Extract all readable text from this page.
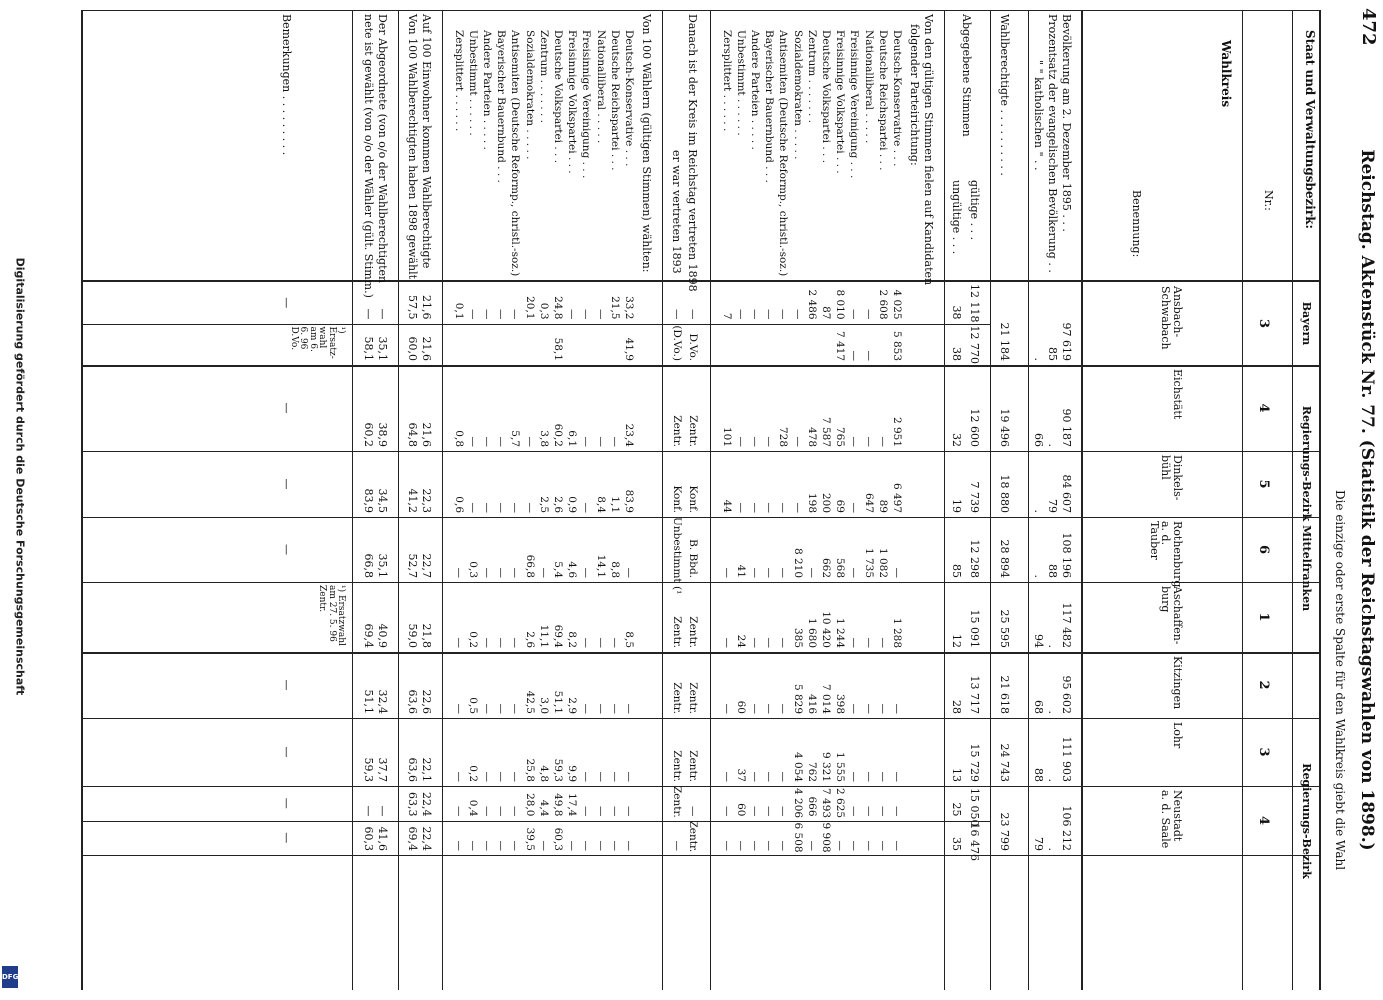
Digitalisierung gefördert durch die Deutsche Forschungsgemeinschaft
DFG
472
Reichstag. Aktenstück Nr. 77. (Statistik der Reichstagswahlen von 1898.)
Die einzige oder erste Spalte für den Wahlkreis giebt die Wahl
Staat und Verwaltungsbezirk:
Wahlkreis
Nr.:
Benennung:
Bayern
Regierungs-Bezirk Mittelfranken
Regierungs-Bezirk
3
Ansbach-Schwabach
4
Eichstätt
5
Dinkels-bühl
6
Rothenburg a. d. Tauber
1
Aschaffen-burg
2
Kitzingen
3
Lohr
4
Neustadt a. d. Saale
Bevölkerung am 2. Dezember 1895 . . .
Prozentsatz der evangelischen Bevölkerung . .
" " katholischen " . .
Wahlberechtigte . . . . . . . . . .
Abgegebene Stimmen
gültige . . .
ungültige . . .
Von den gültigen Stimmen fielen auf Kandidaten
folgender Parteirichtung:
Deutsch-Konservative . . .
Deutsche Reichspartei . . .
Nationalliberal . . . . .
Freisinnige Vereinigung . . .
Freisinnige Volkspartei . . .
Deutsche Volkspartei . . .
Zentrum . . . . . . .
Sozialdemokraten . . . . .
Antisemiten (Deutsche Reformp., christl.-soz.)
Bayerischer Bauernbund . . .
Andere Parteien . . . . .
Unbestimmt . . . . . .
Zersplittert . . . . . .
Danach ist der Kreis im Reichstag vertreten 1898
er war vertreten 1893
Von 100 Wählern (gültigen Stimmen) wählten:
Deutsch-Konservative . . .
Deutsche Reichspartei . . .
Nationalliberal . . . . .
Freisinnige Vereinigung . . .
Freisinnige Volkspartei . . .
Deutsche Volkspartei . . .
Zentrum . . . . . . .
Sozialdemokraten . . . . .
Antisemiten (Deutsche Reformp., christl.-soz.)
Bayerischer Bauernbund . . .
Andere Parteien . . . . .
Unbestimmt . . . . . .
Zersplittert . . . . . .
Auf 100 Einwohner kommen Wahlberechtigte
Von 100 Wahlberechtigten haben 1898 gewählt
Der Abgeordnete (von o/o der Wahlberechtigten
nete ist gewählt (von o/o der Wähler (gült. Stimm.)
Bemerkungen . . . . . . . . .
97 619
85
.
21 184
12 118
38
4 025
2 608
—
—
8 010
87
2 486
—
—
—
—
—
7
—
—
33,2
21,5
—
—
—
24,8
0,3
20,1
—
—
—
—
0,1
21,6
57,5
—
—
—
12 770
38
5 853
—
—
7 417
D.Vo.
(D.Vo.)
41,9
58,1
21,6
60,0
35,1
58,1
¹) Ersatz-wahl am 6. 6. 96 D.Vo.
90 187
.
66
19 496
12 600
32
2 951
—
—
—
765
7 587
478
—
728
—
—
—
101
Zentr.
Zentr.
23,4
—
—
—
6,1
60,2
3,8
—
5,7
—
—
—
0,8
21,6
64,8
38,9
60,2
—
84 607
79
.
18 880
7 739
19
6 497
89
647
—
69
200
198
—
—
—
—
—
44
Konf.
Konf.
83,9
1,1
8,4
—
0,9
2,6
2,5
—
—
—
—
—
0,6
22,3
41,2
34,5
83,9
—
108 196
88
.
28 894
12 298
85
—
1 082
1 735
—
568
662
—
8 210
—
—
—
41
—
B. Bbd.
Unbestimmt (¹
—
8,8
14,1
—
4,6
5,4
—
66,8
—
—
—
0,3
—
22,7
52,7
35,1
66,8
—
117 482
.
94
25 595
15 091
12
1 288
—
—
—
1 244
10 420
1 680
385
—
—
—
24
—
Zentr.
Zentr.
8,5
—
—
—
8,2
69,4
11,1
2,6
—
—
—
0,2
—
21,8
59,0
40,9
69,4
¹) Ersatzwahl am 27. 5. 96 Zentr.
95 602
.
68
21 618
13 717
28
—
—
—
—
398
7 014
416
5 829
—
—
—
60
—
Zentr.
Zentr.
—
—
—
—
2,9
51,1
3,0
42,5
—
—
—
0,5
—
22,6
63,6
32,4
51,1
—
111 903
.
88
24 743
15 729
13
—
—
—
—
1 555
9 321
762
4 054
—
—
—
37
—
Zentr.
Zentr.
—
—
—
—
9,9
59,3
4,8
25,8
—
—
—
0,2
—
22,1
63,6
37,7
59,3
—
106 212
.
79
23 799
15 050
25
—
—
—
—
2 625
7 493
666
4 206
—
—
—
60
—
—
Zentr.
—
—
—
—
17,4
49,8
4,4
28,0
—
—
—
0,4
—
22,4
63,3
—
—
—
16 476
35
—
—
—
—
—
9 908
—
6 508
—
—
—
—
—
Zentr.
—
—
—
—
—
—
60,3
—
39,5
—
—
—
—
—
22,4
69,4
41,6
60,3
—
